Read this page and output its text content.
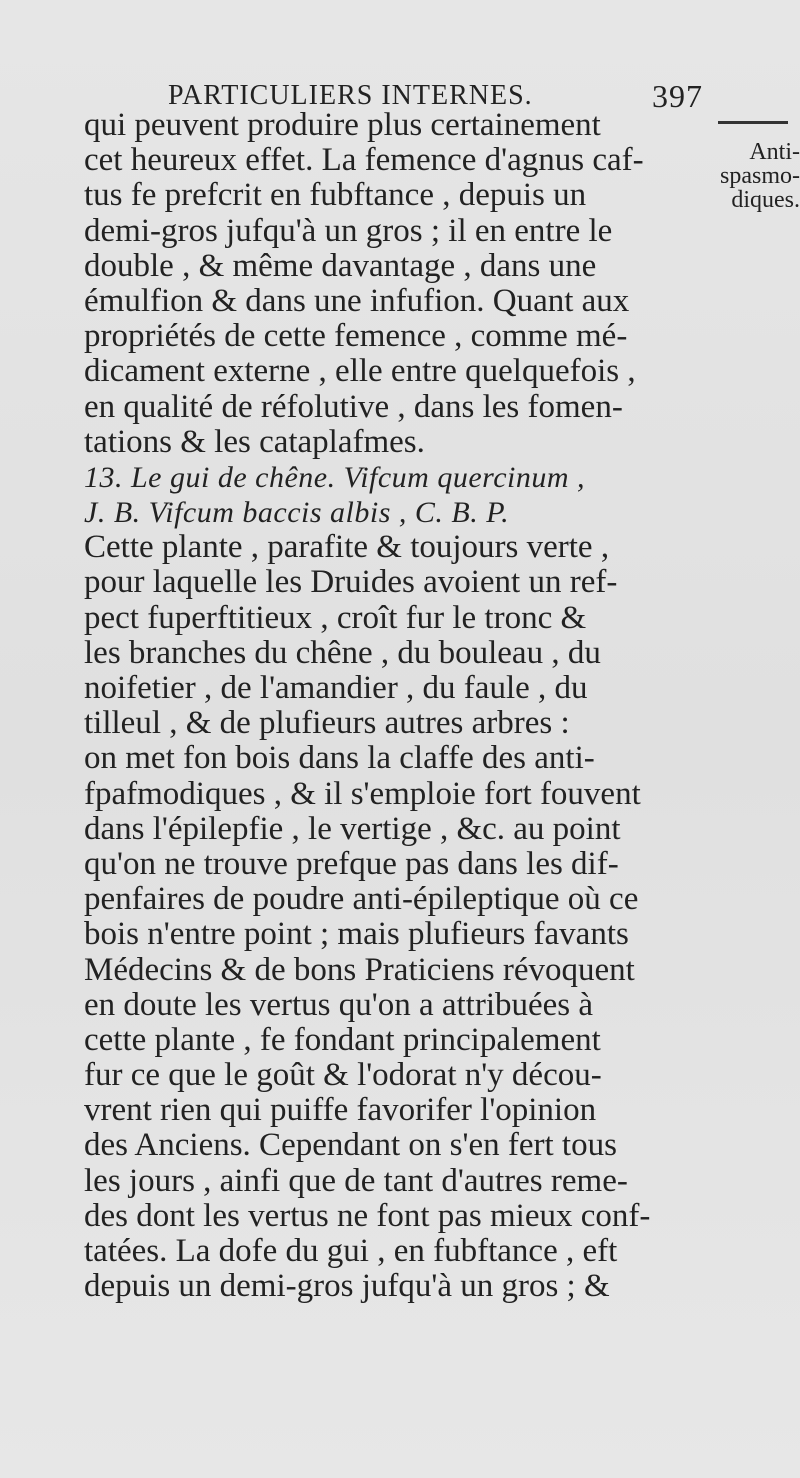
PARTICULIERS INTERNES.	397
Anti-
spasmo-
diques.
qui peuvent produire plus certainement
cet heureux effet. La femence d'agnus caf-
tus fe prefcrit en fubftance , depuis un
demi-gros jufqu'à un gros ; il en entre le
double , & même davantage , dans une
émulfion & dans une infufion. Quant aux
propriétés de cette femence , comme mé-
dicament externe , elle entre quelquefois ,
en qualité de réfolutive , dans les fomen-
tations & les cataplafmes.
13. Le gui de chêne. Vifcum quercinum ,
J. B. Vifcum baccis albis , C. B. P.
Cette plante , parafite & toujours verte ,
pour laquelle les Druides avoient un ref-
pect fuperftitieux , croît fur le tronc &
les branches du chêne , du bouleau , du
noifetier , de l'amandier , du faule , du
tilleul , & de plufieurs autres arbres :
on met fon bois dans la claffe des anti-
fpafmodiques , & il s'emploie fort fouvent
dans l'épilepfie , le vertige , &c. au point
qu'on ne trouve prefque pas dans les dif-
penfaires de poudre anti-épileptique où ce
bois n'entre point ; mais plufieurs favants
Médecins & de bons Praticiens révoquent
en doute les vertus qu'on a attribuées à
cette plante , fe fondant principalement
fur ce que le goût & l'odorat n'y décou-
vrent rien qui puiffe favorifer l'opinion
des Anciens. Cependant on s'en fert tous
les jours , ainfi que de tant d'autres reme-
des dont les vertus ne font pas mieux conf-
tatées. La dofe du gui , en fubftance , eft
depuis un demi-gros jufqu'à un gros ; &
